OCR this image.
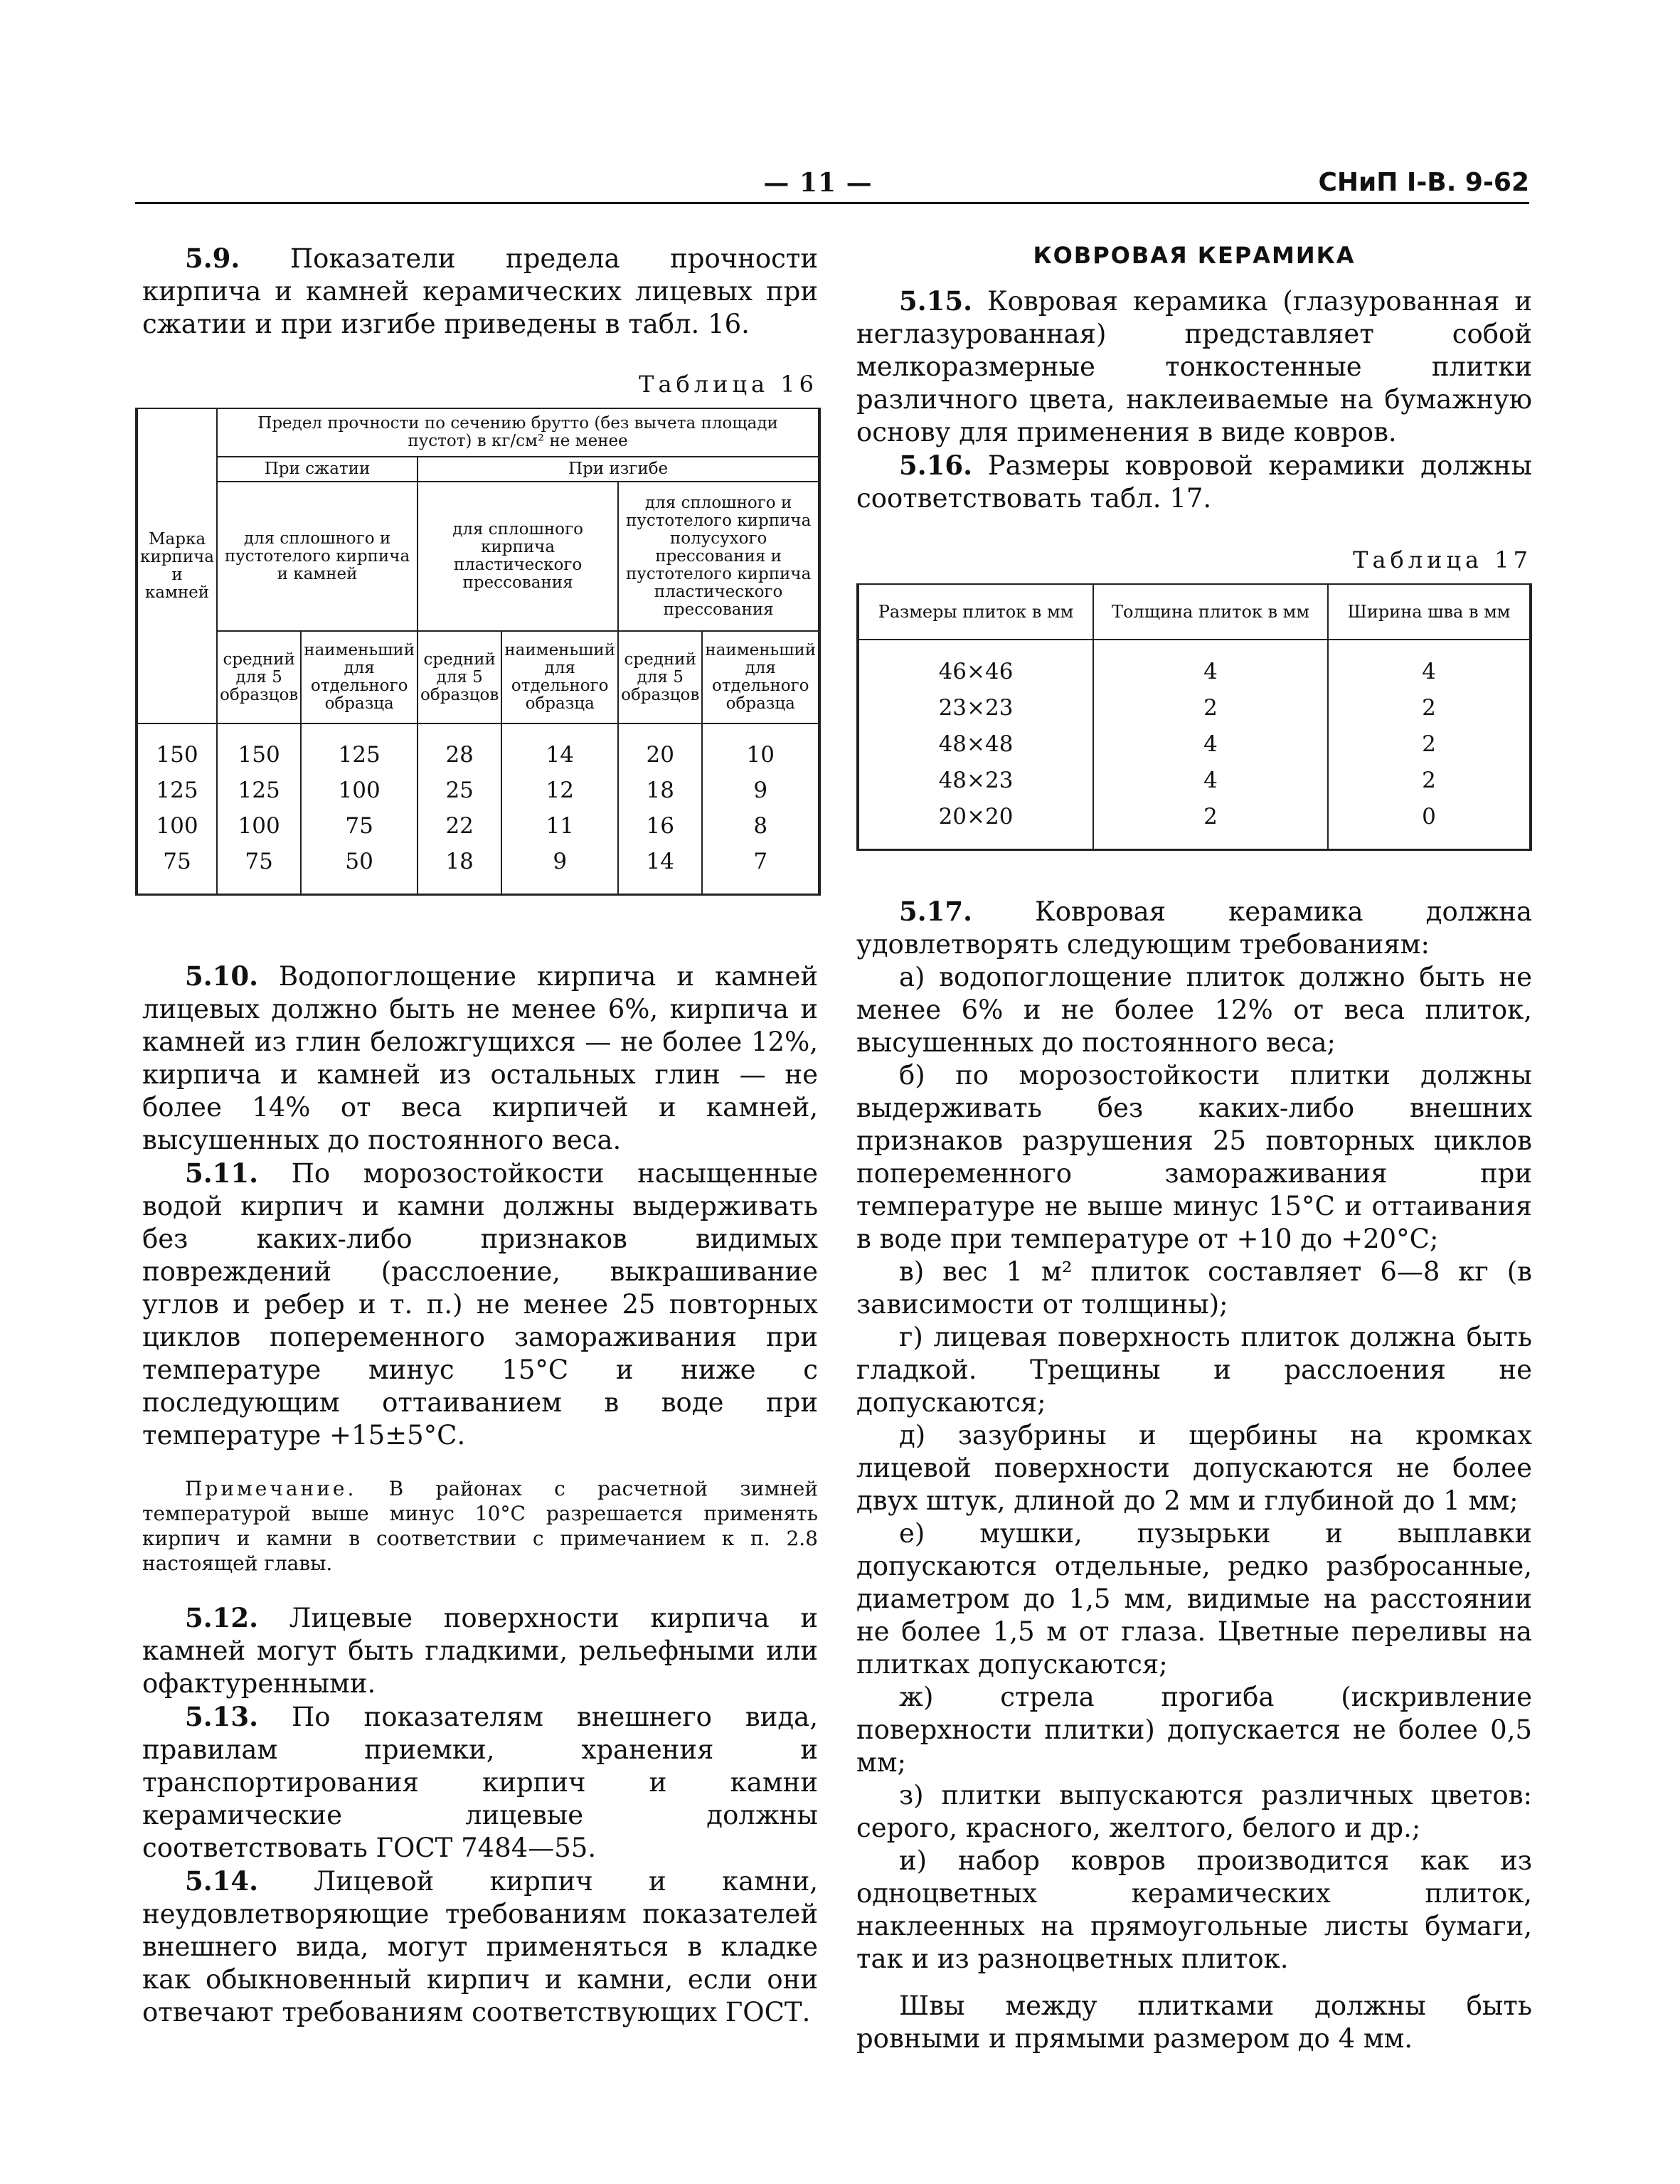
— 11 —	СНиП I-В. 9-62

5.9. Показатели предела прочности кирпича и камней керамических лицевых при сжатии и при изгибе приведены в табл. 16.

Таблица 16

Марка кирпича и камней	Предел прочности по сечению брутто (без вычета площади пустот) в кг/см² не менее					
	При сжатии		При изгибе			
	для сплошного и пустотелого кирпича и камней		для сплошного кирпича пластического прессования		для сплошного и пустотелого кирпича полусухого прессования и пустотелого кирпича пластического прессования	
	средний для 5 образцов	наименьший для отдельного образца	средний для 5 образцов	наименьший для отдельного образца	средний для 5 образцов	наименьший для отдельного образца
150	150	125	28	14	20	10
125	125	100	25	12	18	9
100	100	75	22	11	16	8
75	75	50	18	9	14	7

5.10. Водопоглощение кирпича и камней лицевых должно быть не менее 6%, кирпича и камней из глин беложгущихся — не более 12%, кирпича и камней из остальных глин — не более 14% от веса кирпичей и камней, высушенных до постоянного веса.

5.11. По морозостойкости насыщенные водой кирпич и камни должны выдерживать без каких-либо признаков видимых повреждений (расслоение, выкрашивание углов и ребер и т. п.) не менее 25 повторных циклов попеременного замораживания при температуре минус 15°С и ниже с последующим оттаиванием в воде при температуре +15±5°С.

Примечание. В районах с расчетной зимней температурой выше минус 10°С разрешается применять кирпич и камни в соответствии с примечанием к п. 2.8 настоящей главы.

5.12. Лицевые поверхности кирпича и камней могут быть гладкими, рельефными или офактуренными.

5.13. По показателям внешнего вида, правилам приемки, хранения и транспортирования кирпич и камни керамические лицевые должны соответствовать ГОСТ 7484—55.

5.14. Лицевой кирпич и камни, неудовлетворяющие требованиям показателей внешнего вида, могут применяться в кладке как обыкновенный кирпич и камни, если они отвечают требованиям соответствующих ГОСТ.

КОВРОВАЯ КЕРАМИКА

5.15. Ковровая керамика (глазурованная и неглазурованная) представляет собой мелкоразмерные тонкостенные плитки различного цвета, наклеиваемые на бумажную основу для применения в виде ковров.

5.16. Размеры ковровой керамики должны соответствовать табл. 17.

Таблица 17

Размеры плиток в мм	Толщина плиток в мм	Ширина шва в мм
46×46	4	4
23×23	2	2
48×48	4	2
48×23	4	2
20×20	2	0

5.17. Ковровая керамика должна удовлетворять следующим требованиям:

а) водопоглощение плиток должно быть не менее 6% и не более 12% от веса плиток, высушенных до постоянного веса;

б) по морозостойкости плитки должны выдерживать без каких-либо внешних признаков разрушения 25 повторных циклов попеременного замораживания при температуре не выше минус 15°С и оттаивания в воде при температуре от +10 до +20°С;

в) вес 1 м² плиток составляет 6—8 кг (в зависимости от толщины);

г) лицевая поверхность плиток должна быть гладкой. Трещины и расслоения не допускаются;

д) зазубрины и щербины на кромках лицевой поверхности допускаются не более двух штук, длиной до 2 мм и глубиной до 1 мм;

е) мушки, пузырьки и выплавки допускаются отдельные, редко разбросанные, диаметром до 1,5 мм, видимые на расстоянии не более 1,5 м от глаза. Цветные переливы на плитках допускаются;

ж) стрела прогиба (искривление поверхности плитки) допускается не более 0,5 мм;

з) плитки выпускаются различных цветов: серого, красного, желтого, белого и др.;

и) набор ковров производится как из одноцветных керамических плиток, наклеенных на прямоугольные листы бумаги, так и из разноцветных плиток.

Швы между плитками должны быть ровными и прямыми размером до 4 мм.
